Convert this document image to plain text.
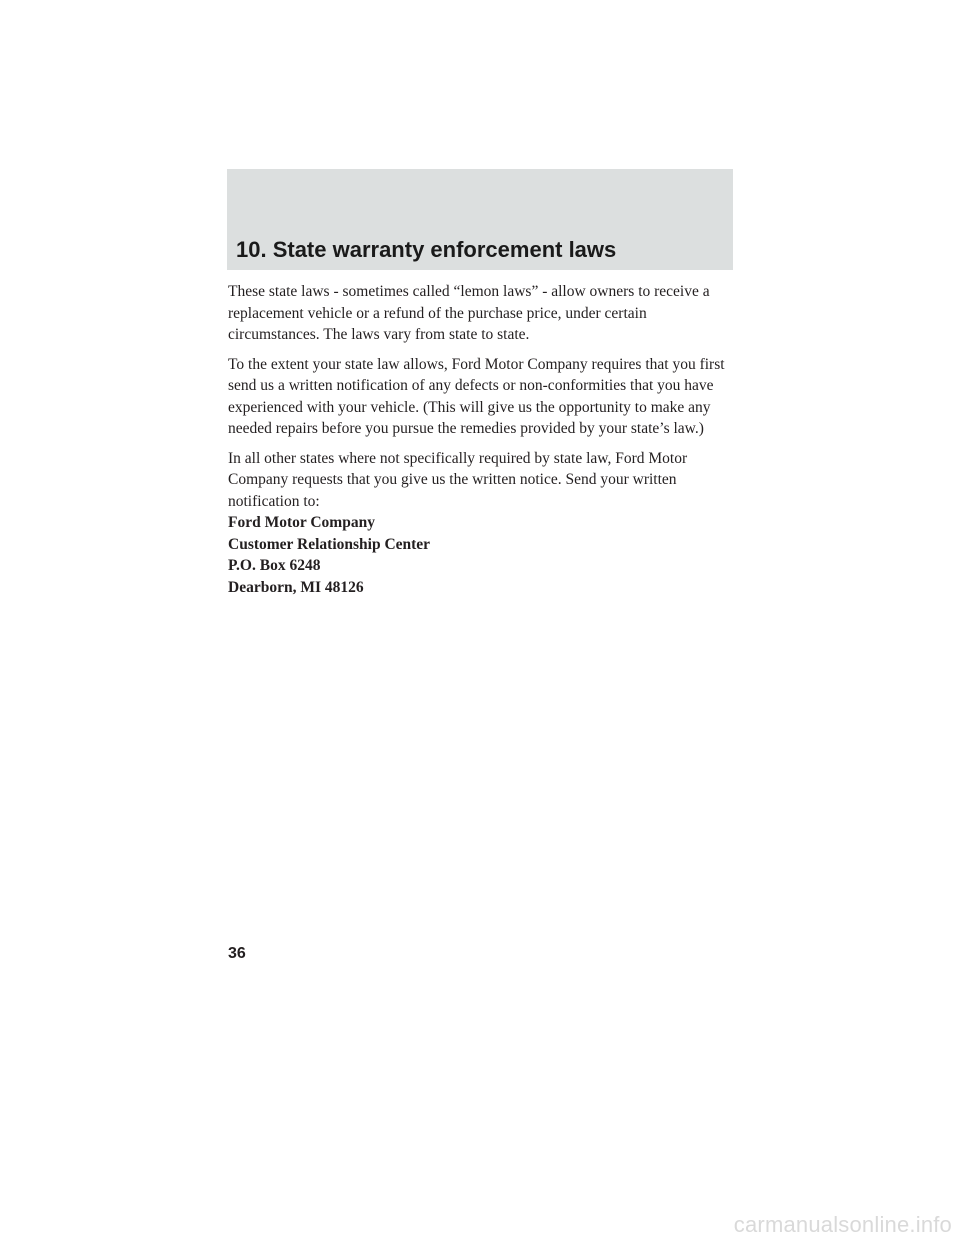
10. State warranty enforcement laws

These state laws - sometimes called “lemon laws” - allow owners to receive a replacement vehicle or a refund of the purchase price, under certain circumstances. The laws vary from state to state.

To the extent your state law allows, Ford Motor Company requires that you first send us a written notification of any defects or non-conformities that you have experienced with your vehicle. (This will give us the opportunity to make any needed repairs before you pursue the remedies provided by your state’s law.)

In all other states where not specifically required by state law, Ford Motor Company requests that you give us the written notice. Send your written notification to:

Ford Motor Company
Customer Relationship Center
P.O. Box 6248
Dearborn, MI 48126
36
carmanualsonline.info
